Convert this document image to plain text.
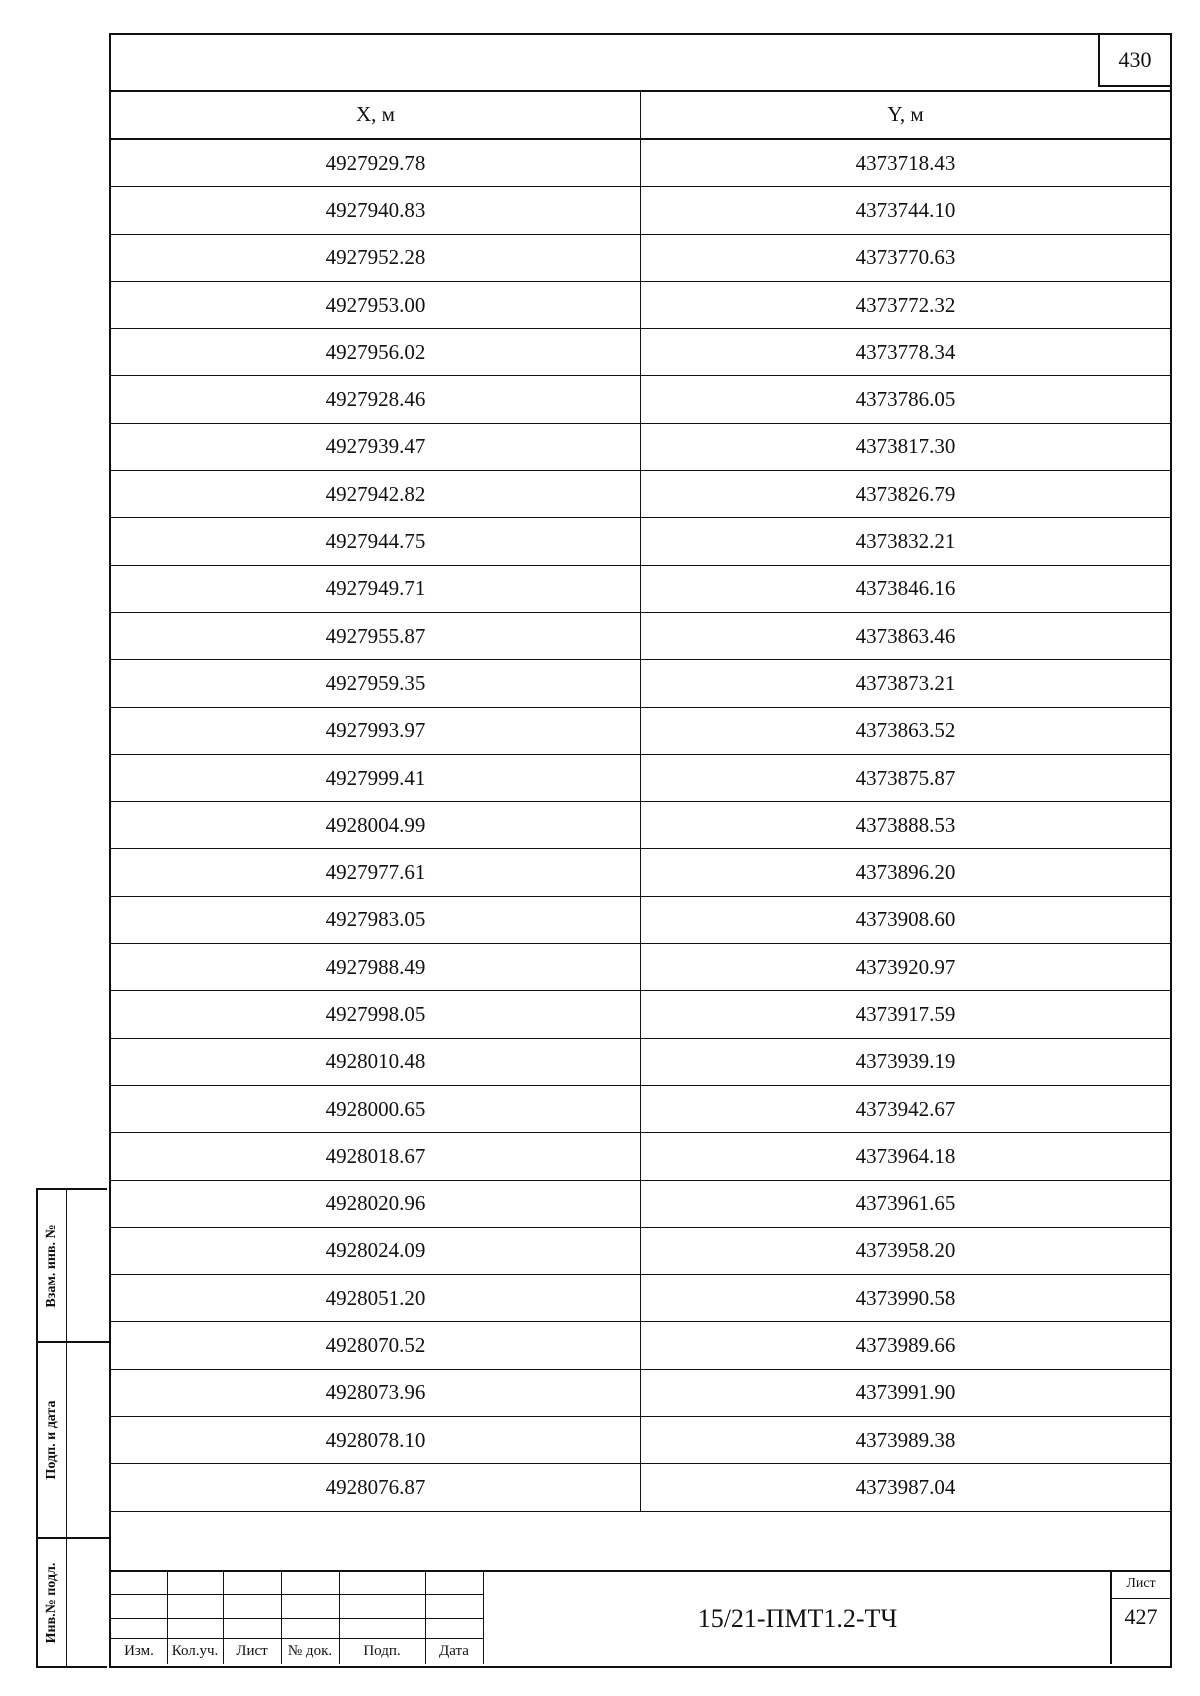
430
X, м	Y, м
4927929.78	4373718.43
4927940.83	4373744.10
4927952.28	4373770.63
4927953.00	4373772.32
4927956.02	4373778.34
4927928.46	4373786.05
4927939.47	4373817.30
4927942.82	4373826.79
4927944.75	4373832.21
4927949.71	4373846.16
4927955.87	4373863.46
4927959.35	4373873.21
4927993.97	4373863.52
4927999.41	4373875.87
4928004.99	4373888.53
4927977.61	4373896.20
4927983.05	4373908.60
4927988.49	4373920.97
4927998.05	4373917.59
4928010.48	4373939.19
4928000.65	4373942.67
4928018.67	4373964.18
4928020.96	4373961.65
4928024.09	4373958.20
4928051.20	4373990.58
4928070.52	4373989.66
4928073.96	4373991.90
4928078.10	4373989.38
4928076.87	4373987.04
Изм.	Кол.уч.	Лист	№ док.	Подп.	Дата
15/21-ПМТ1.2-ТЧ
Лист
427
Взам. инв. №
Подп. и дата
Инв.№ подл.
